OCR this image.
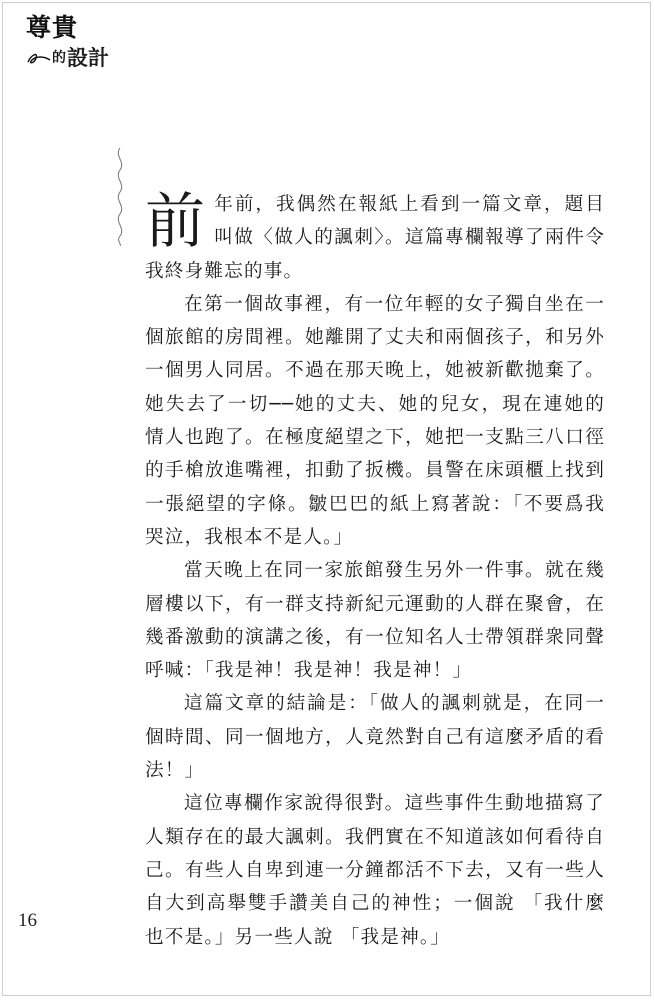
尊貴
的 設計

前年前，我偶然在報紙上看到一篇文章，題目叫做〈做人的諷刺〉。這篇專欄報導了兩件令我終身難忘的事。

在第一個故事裡，有一位年輕的女子獨自坐在一個旅館的房間裡。她離開了丈夫和兩個孩子，和另外一個男人同居。不過在那天晚上，她被新歡拋棄了。她失去了一切──她的丈夫、她的兒女，現在連她的情人也跑了。在極度絕望之下，她把一支點三八口徑的手槍放進嘴裡，扣動了扳機。員警在床頭櫃上找到一張絕望的字條。皺巴巴的紙上寫著說：「不要爲我哭泣，我根本不是人。」

當天晚上在同一家旅館發生另外一件事。就在幾層樓以下，有一群支持新紀元運動的人群在聚會，在幾番激動的演講之後，有一位知名人士帶領群衆同聲呼喊：「我是神！我是神！我是神！」

這篇文章的結論是：「做人的諷刺就是，在同一個時間、同一個地方，人竟然對自己有這麼矛盾的看法！」

這位專欄作家說得很對。這些事件生動地描寫了人類存在的最大諷刺。我們實在不知道該如何看待自己。有些人自卑到連一分鐘都活不下去，又有一些人自大到高舉雙手讚美自己的神性；一個說 「我什麼也不是。」另一些人說 「我是神。」

16
